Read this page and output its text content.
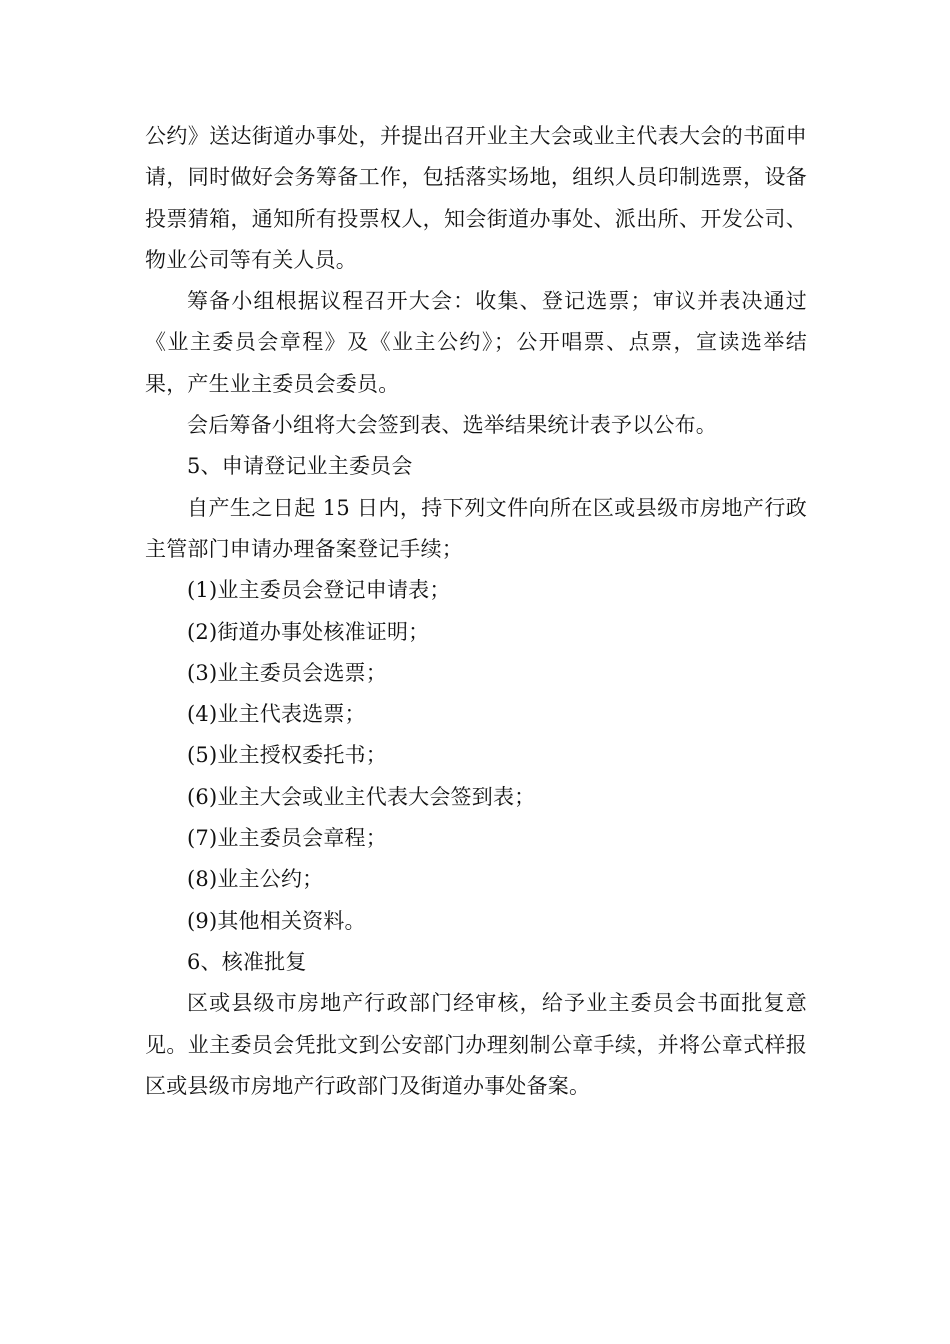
公约》送达街道办事处，并提出召开业主大会或业主代表大会的书面申请，同时做好会务筹备工作，包括落实场地，组织人员印制选票，设备投票猜箱，通知所有投票权人，知会街道办事处、派出所、开发公司、物业公司等有关人员。

筹备小组根据议程召开大会：收集、登记选票；审议并表决通过《业主委员会章程》及《业主公约》；公开唱票、点票，宣读选举结果，产生业主委员会委员。

会后筹备小组将大会签到表、选举结果统计表予以公布。

5、申请登记业主委员会

自产生之日起 15 日内，持下列文件向所在区或县级市房地产行政主管部门申请办理备案登记手续；

(1)业主委员会登记申请表；

(2)街道办事处核准证明；

(3)业主委员会选票；

(4)业主代表选票；

(5)业主授权委托书；

(6)业主大会或业主代表大会签到表；

(7)业主委员会章程；

(8)业主公约；

(9)其他相关资料。

6、核准批复

区或县级市房地产行政部门经审核，给予业主委员会书面批复意见。业主委员会凭批文到公安部门办理刻制公章手续，并将公章式样报区或县级市房地产行政部门及街道办事处备案。
